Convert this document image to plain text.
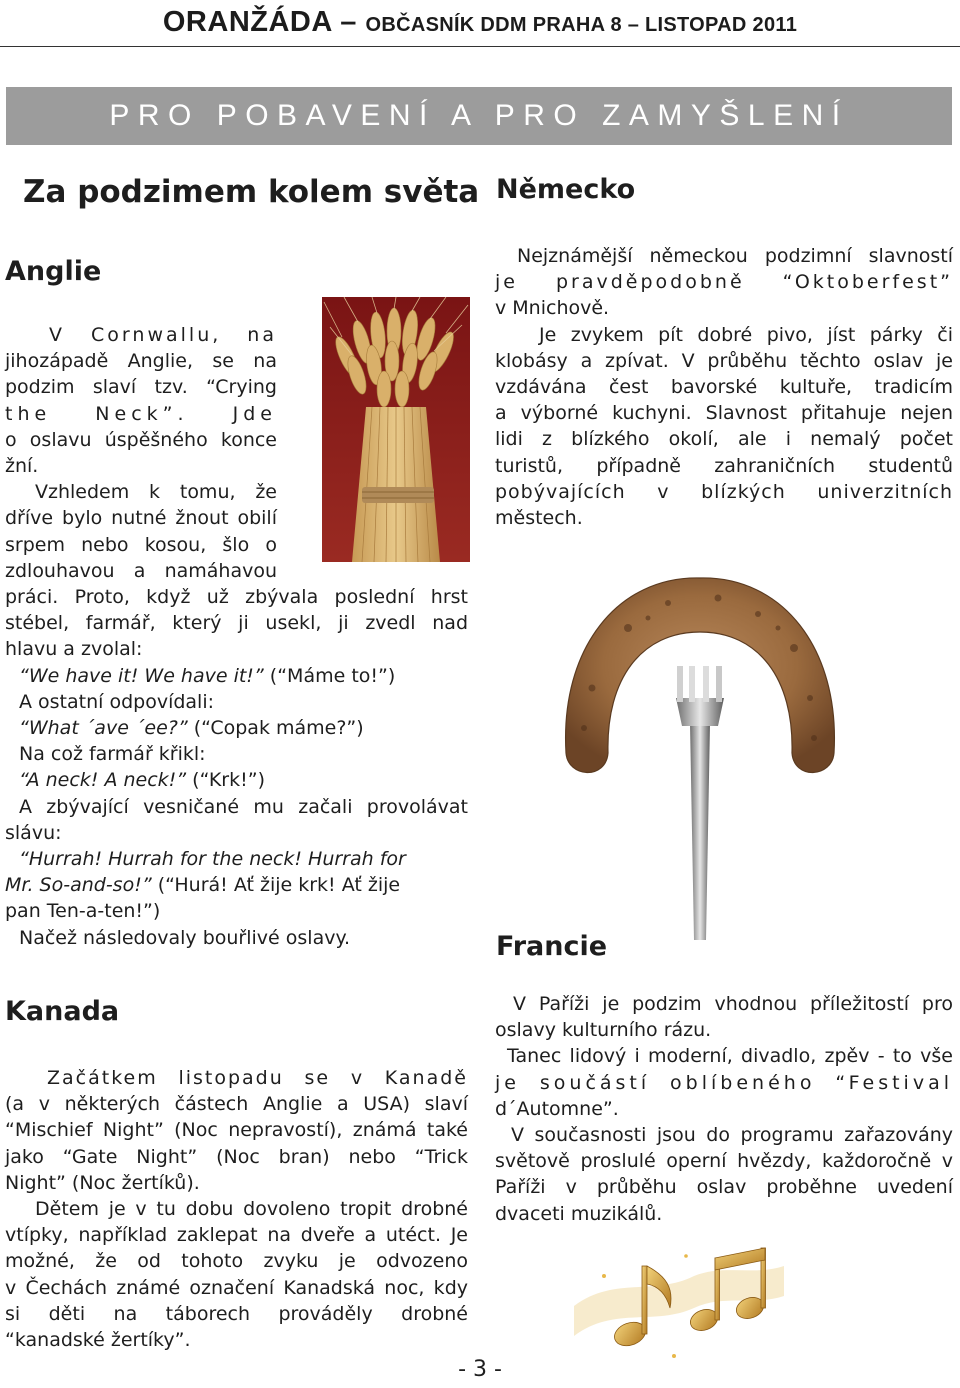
ORANŽÁDA – OBČASNÍK DDM PRAHA 8 – LISTOPAD 2011
PRO POBAVENÍ A PRO ZAMYŠLENÍ
Za podzimem kolem světa
Anglie
V Cornwallu, na
jihozápadě Anglie, se na
podzim slaví tzv. “Crying
the Neck”. Jde
o oslavu úspěšného konce
žní.
Vzhledem k tomu, že
dříve bylo nutné žnout obilí
srpem nebo kosou, šlo o
zdlouhavou a namáhavou
práci. Proto, když už zbývala poslední hrst
stébel, farmář, který ji usekl, ji zvedl nad
hlavu a zvolal:
“We have it! We have it!” (“Máme to!”)
A ostatní odpovídali:
“What ´ave ´ee?” (“Copak máme?”)
Na což farmář křikl:
“A neck! A neck!” (“Krk!”)
A zbývající vesničané mu začali provolávat
slávu:
“Hurrah! Hurrah for the neck! Hurrah for
Mr. So-and-so!” (“Hurá! Ať žije krk! Ať žije
pan Ten-a-ten!”)
Načež následovaly bouřlivé oslavy.
Kanada
Začátkem listopadu se v Kanadě
(a v některých částech Anglie a USA) slaví
“Mischief Night” (Noc nepravostí), známá také
jako “Gate Night” (Noc bran) nebo “Trick
Night” (Noc žertíků).
Dětem je v tu dobu dovoleno tropit drobné
vtípky, například zaklepat na dveře a utéct. Je
možné, že od tohoto zvyku je odvozeno
v Čechách známé označení Kanadská noc, kdy
si děti na táborech prováděly drobné
“kanadské žertíky”.
Německo
Nejznámější německou podzimní slavností
je pravděpodobně “Oktoberfest”
v Mnichově.
Je zvykem pít dobré pivo, jíst párky či
klobásy a zpívat. V průběhu těchto oslav je
vzdávána čest bavorské kultuře, tradicím
a výborné kuchyni. Slavnost přitahuje nejen
lidi z blízkého okolí, ale i nemalý počet
turistů, případně zahraničních studentů
pobývajících v blízkých univerzitních
městech.
Francie
V Paříži je podzim vhodnou příležitostí pro
oslavy kulturního rázu.
Tanec lidový i moderní, divadlo, zpěv - to vše
je součástí oblíbeného “Festival
d´Automne”.
V současnosti jsou do programu zařazovány
světově proslulé operní hvězdy, každoročně v
Paříži v průběhu oslav proběhne uvedení
dvaceti muzikálů.
- 3 -
